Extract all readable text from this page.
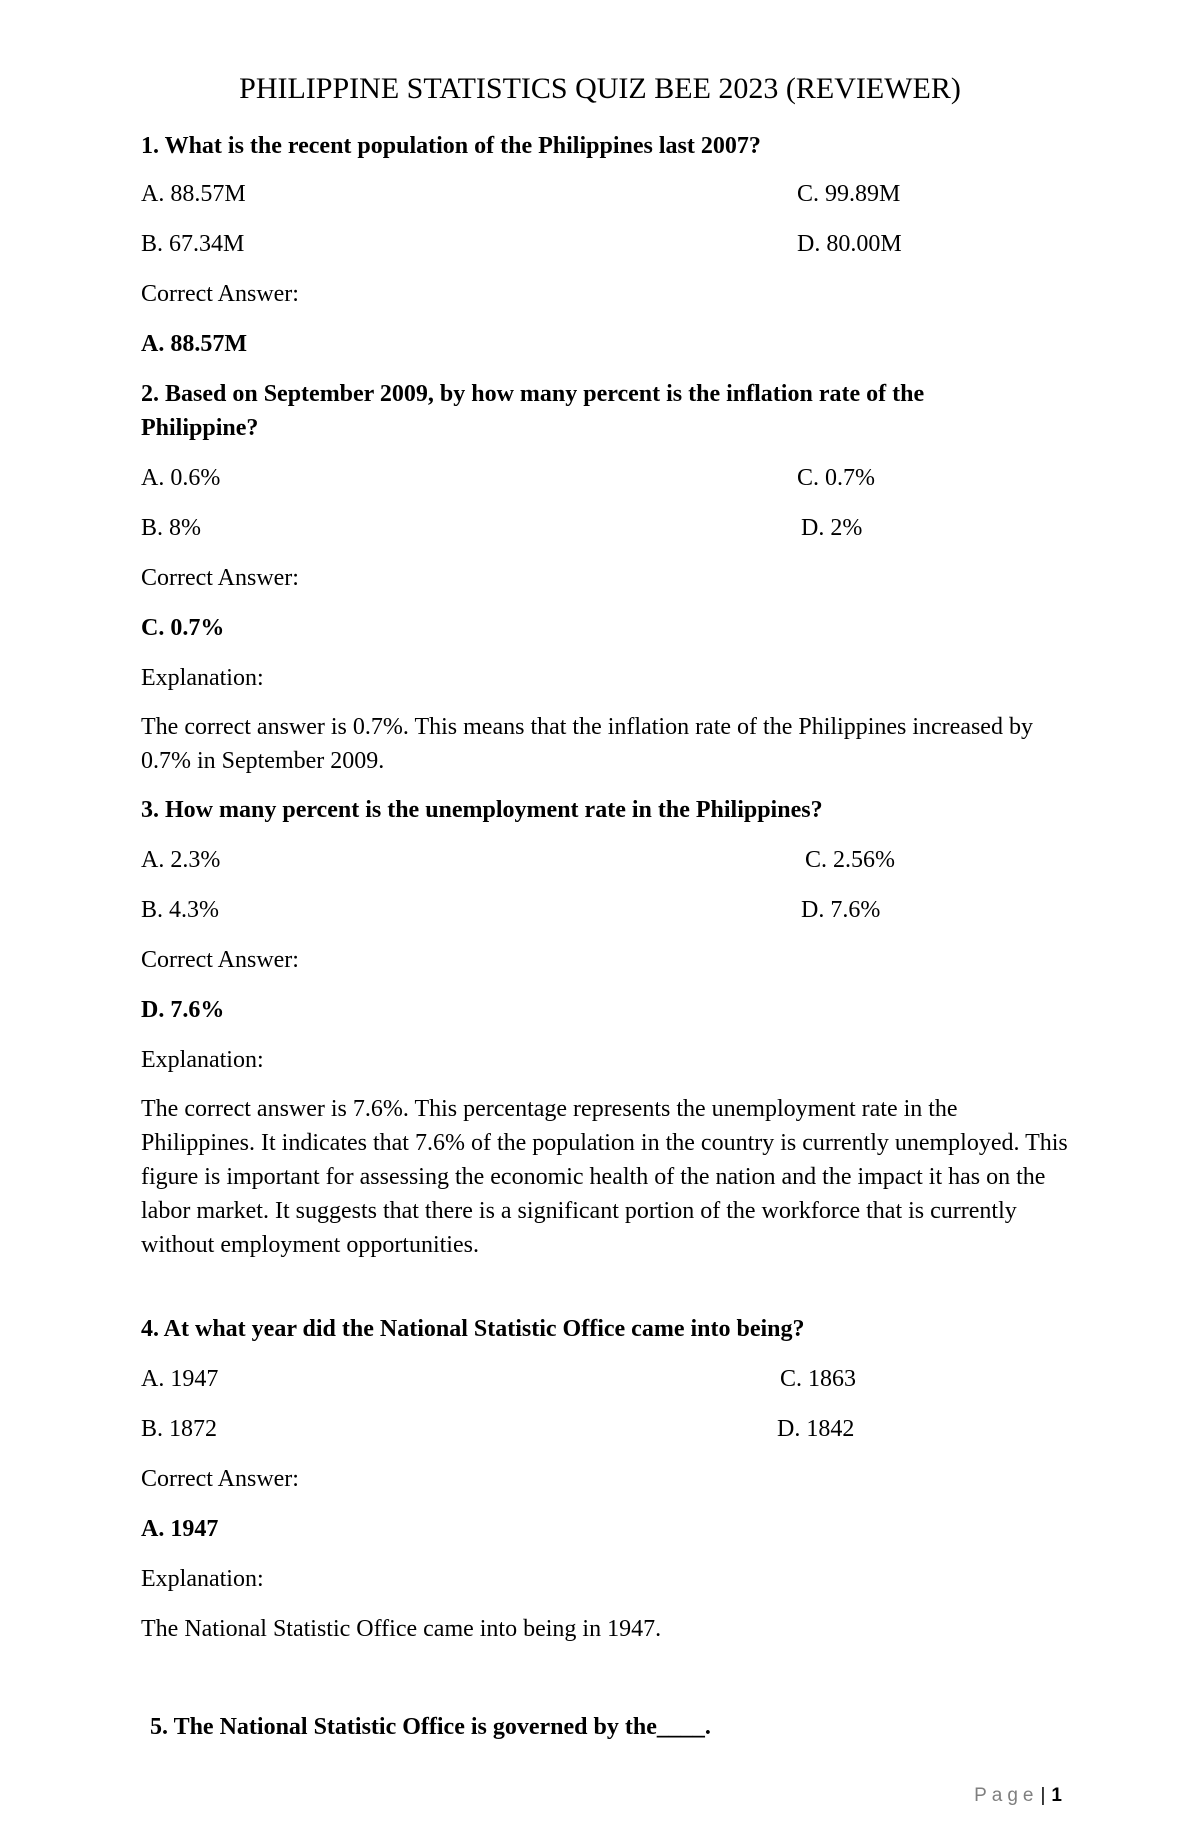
PHILIPPINE STATISTICS QUIZ BEE 2023 (REVIEWER)
1. What is the recent population of the Philippines last 2007?
A. 88.57M	C. 99.89M
B. 67.34M	D. 80.00M
Correct Answer:
A. 88.57M
2. Based on September 2009, by how many percent is the inflation rate of the
Philippine?
A. 0.6%	C. 0.7%
B. 8%	D. 2%
Correct Answer:
C. 0.7%
Explanation:
The correct answer is 0.7%. This means that the inflation rate of the Philippines increased by 0.7% in September 2009.
3. How many percent is the unemployment rate in the Philippines?
A. 2.3%	C. 2.56%
B. 4.3%	D. 7.6%
Correct Answer:
D. 7.6%
Explanation:
The correct answer is 7.6%. This percentage represents the unemployment rate in the Philippines. It indicates that 7.6% of the population in the country is currently unemployed. This figure is important for assessing the economic health of the nation and the impact it has on the labor market. It suggests that there is a significant portion of the workforce that is currently without employment opportunities.
4. At what year did the National Statistic Office came into being?
A. 1947	C. 1863
B. 1872	D. 1842
Correct Answer:
A. 1947
Explanation:
The National Statistic Office came into being in 1947.
5. The National Statistic Office is governed by the____.
Page | 1
